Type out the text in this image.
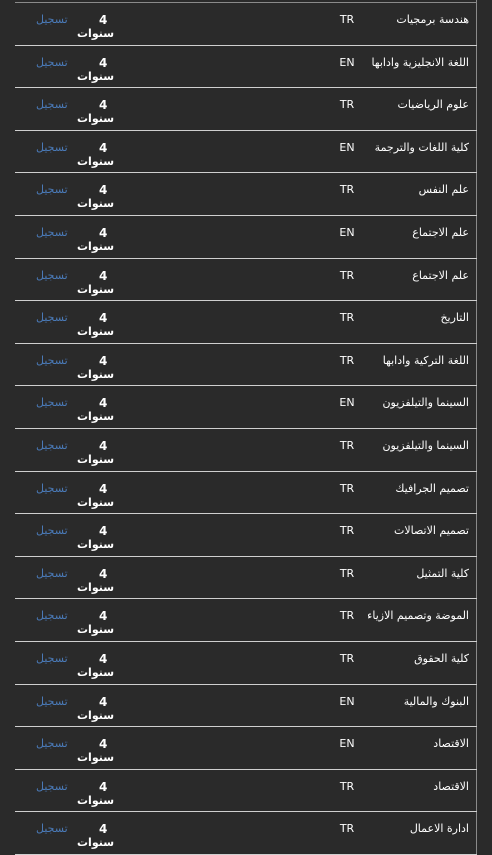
تسجيل	4
سنوات
TR	هندسة برمجيات
تسجيل	4
سنوات
EN اللغة الانجليزية وادابها
تسجيل	4
سنوات
TR	علوم الرياضيات
تسجيل	4
سنوات
EN كلية اللغات والترجمة
تسجيل	4
سنوات
TR	علم النفس
تسجيل	4
سنوات
EN	علم الاجتماع
تسجيل	4
سنوات
TR	علم الاجتماع
تسجيل	4
سنوات
TR	التاريخ
تسجيل	4
سنوات
TR	اللغة التركية وادابها
تسجيل	4
سنوات
EN	السينما والتيلفزيون
تسجيل	4
سنوات
TR	السينما والتيلفزيون
تسجيل	4
سنوات
TR	تصميم الجرافيك
تسجيل	4
سنوات
TR	تصميم الاتصالات
تسجيل	4
سنوات
TR	كلية التمثيل
تسجيل	4
سنوات
TR الموضة وتصميم الازياء
تسجيل	4
سنوات
TR	كلية الحقوق
تسجيل	4
سنوات
EN	البنوك والمالية
تسجيل	4
سنوات
EN	الاقتصاد
تسجيل	4
سنوات
TR	الاقتصاد
تسجيل	4
سنوات
TR	ادارة الاعمال
